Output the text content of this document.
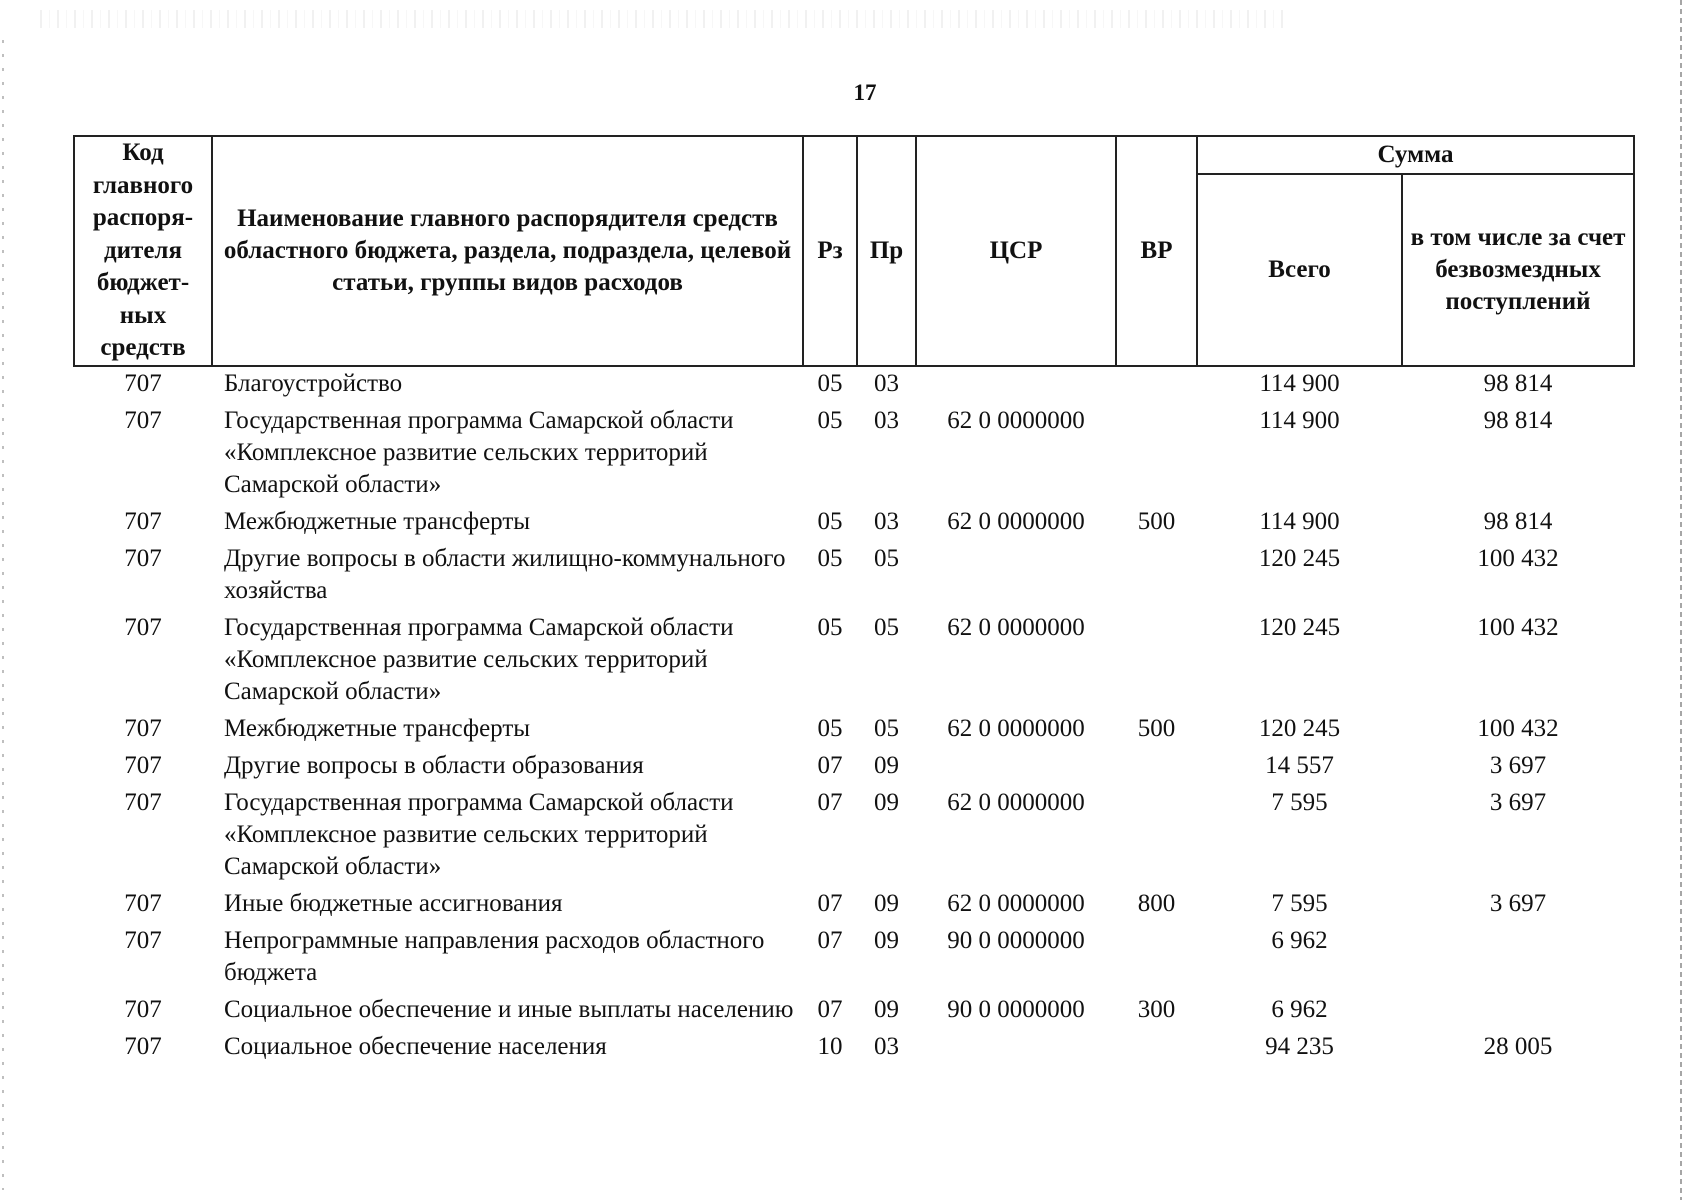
17
Код главного распоря-дителя бюджет-ных средств	Наименование главного распорядителя средств областного бюджета, раздела, подраздела, целевой статьи, группы видов расходов	Рз	Пр	ЦСР	ВР	Сумма	
						Всего	в том числе за счет безвозмездных поступлений
707	Благоустройство	05	03			114 900	98 814
707	Государственная программа Самарской области «Комплексное развитие сельских территорий Самарской области»	05	03	62 0 0000000		114 900	98 814
707	Межбюджетные трансферты	05	03	62 0 0000000	500	114 900	98 814
707	Другие вопросы в области жилищно-коммунального хозяйства	05	05			120 245	100 432
707	Государственная программа Самарской области «Комплексное развитие сельских территорий Самарской области»	05	05	62 0 0000000		120 245	100 432
707	Межбюджетные трансферты	05	05	62 0 0000000	500	120 245	100 432
707	Другие вопросы в области образования	07	09			14 557	3 697
707	Государственная программа Самарской области «Комплексное развитие сельских территорий Самарской области»	07	09	62 0 0000000		7 595	3 697
707	Иные бюджетные ассигнования	07	09	62 0 0000000	800	7 595	3 697
707	Непрограммные направления расходов областного бюджета	07	09	90 0 0000000		6 962	
707	Социальное обеспечение и иные выплаты населению	07	09	90 0 0000000	300	6 962	
707	Социальное обеспечение населения	10	03			94 235	28 005
